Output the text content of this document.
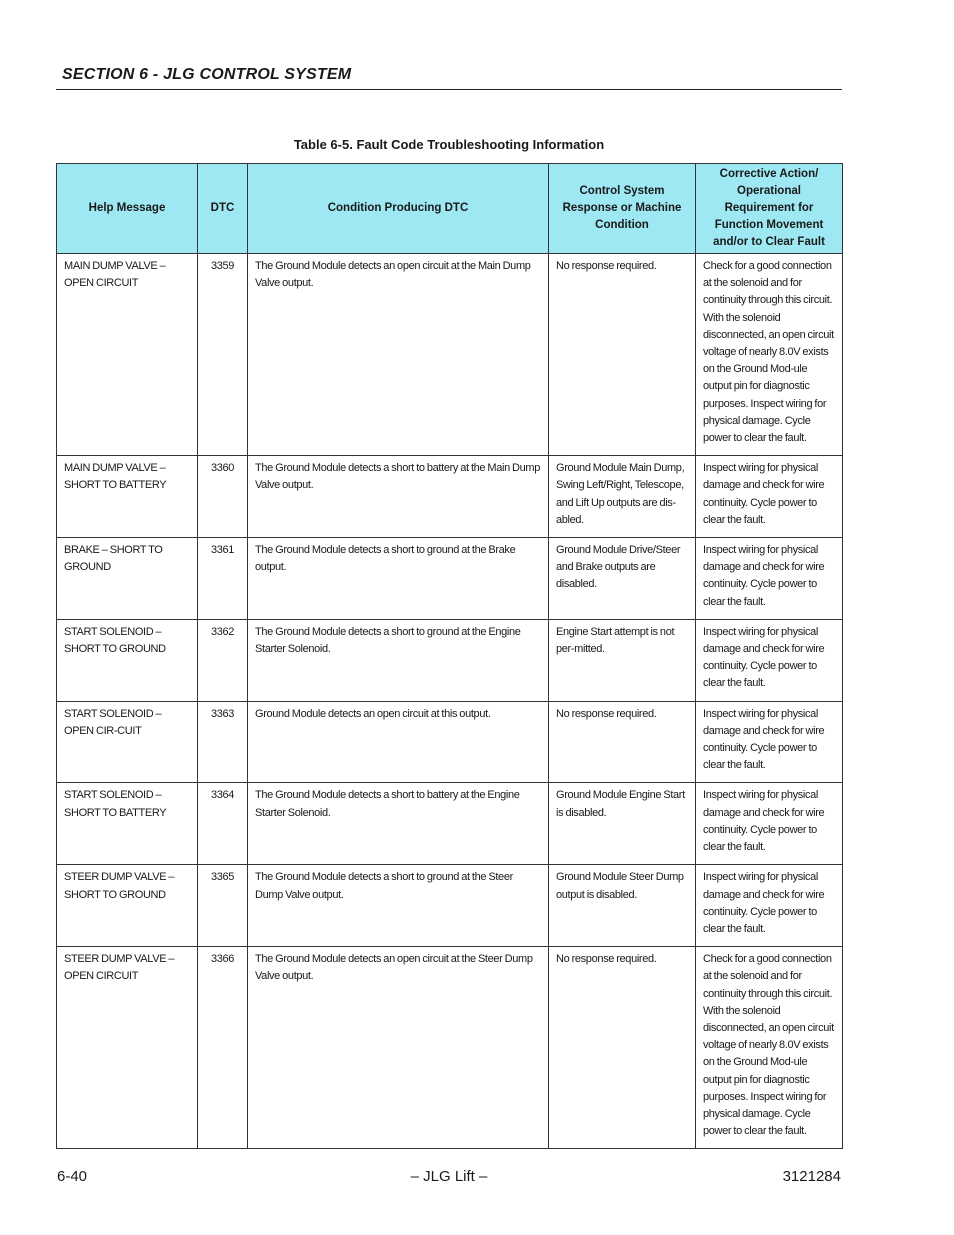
SECTION 6 - JLG CONTROL SYSTEM
Table 6-5. Fault Code Troubleshooting Information
Help Message	DTC	Condition Producing DTC	Control System Response or Machine Condition	Corrective Action/ Operational Requirement for Function Movement and/or to Clear Fault
MAIN DUMP VALVE – OPEN CIRCUIT	3359	The Ground Module detects an open circuit at the Main Dump Valve output.	No response required.	Check for a good connection at the solenoid and for continuity through this circuit. With the solenoid disconnected, an open circuit voltage of nearly 8.0V exists on the Ground Mod-ule output pin for diagnostic purposes. Inspect wiring for physical damage. Cycle power to clear the fault.
MAIN DUMP VALVE – SHORT TO BATTERY	3360	The Ground Module detects a short to battery at the Main Dump Valve output.	Ground Module Main Dump, Swing Left/Right, Telescope, and Lift Up outputs are dis-abled.	Inspect wiring for physical damage and check for wire continuity. Cycle power to clear the fault.
BRAKE – SHORT TO GROUND	3361	The Ground Module detects a short to ground at the Brake output.	Ground Module Drive/Steer and Brake outputs are disabled.	Inspect wiring for physical damage and check for wire continuity. Cycle power to clear the fault.
START SOLENOID – SHORT TO GROUND	3362	The Ground Module detects a short to ground at the Engine Starter Solenoid.	Engine Start attempt is not per-mitted.	Inspect wiring for physical damage and check for wire continuity. Cycle power to clear the fault.
START SOLENOID – OPEN CIR-CUIT	3363	Ground Module detects an open circuit at this output.	No response required.	Inspect wiring for physical damage and check for wire continuity. Cycle power to clear the fault.
START SOLENOID – SHORT TO BATTERY	3364	The Ground Module detects a short to battery at the Engine Starter Solenoid.	Ground Module Engine Start is disabled.	Inspect wiring for physical damage and check for wire continuity. Cycle power to clear the fault.
STEER DUMP VALVE – SHORT TO GROUND	3365	The Ground Module detects a short to ground at the Steer Dump Valve output.	Ground Module Steer Dump output is disabled.	Inspect wiring for physical damage and check for wire continuity. Cycle power to clear the fault.
STEER DUMP VALVE – OPEN CIRCUIT	3366	The Ground Module detects an open circuit at the Steer Dump Valve output.	No response required.	Check for a good connection at the solenoid and for continuity through this circuit. With the solenoid disconnected, an open circuit voltage of nearly 8.0V exists on the Ground Mod-ule output pin for diagnostic purposes. Inspect wiring for physical damage. Cycle power to clear the fault.
6-40	– JLG Lift –	3121284
